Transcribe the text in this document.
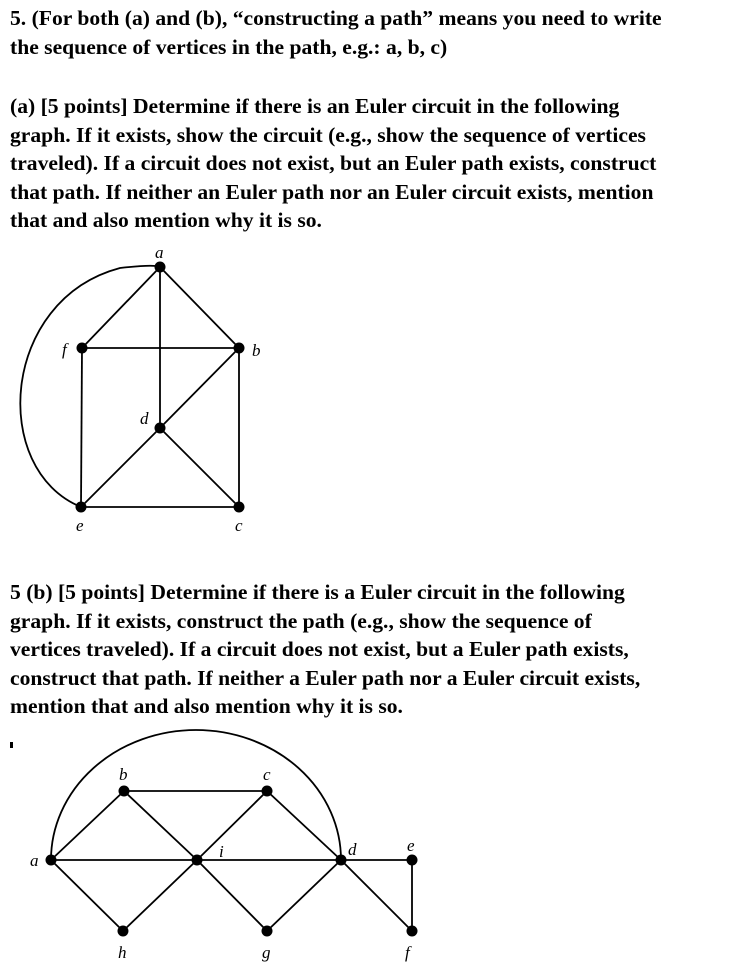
5. (For both (a) and (b), “constructing a path” means you need to write
the sequence of vertices in the path, e.g.: a, b, c)
(a) [5 points] Determine if there is an Euler circuit in the following
graph. If it exists, show the circuit (e.g., show the sequence of vertices
traveled). If a circuit does not exist, but an Euler path exists, construct
that path. If neither an Euler path nor an Euler circuit exists, mention
that and also mention why it is so.
a
b
c
d
e
f
5 (b) [5 points] Determine if there is a Euler circuit in the following
graph. If it exists, construct the path (e.g., show the sequence of
vertices traveled). If a circuit does not exist, but a Euler path exists,
construct that path. If neither a Euler path nor a Euler circuit exists,
mention that and also mention why it is so.
a
b	c
i	d	e
f
g
h
